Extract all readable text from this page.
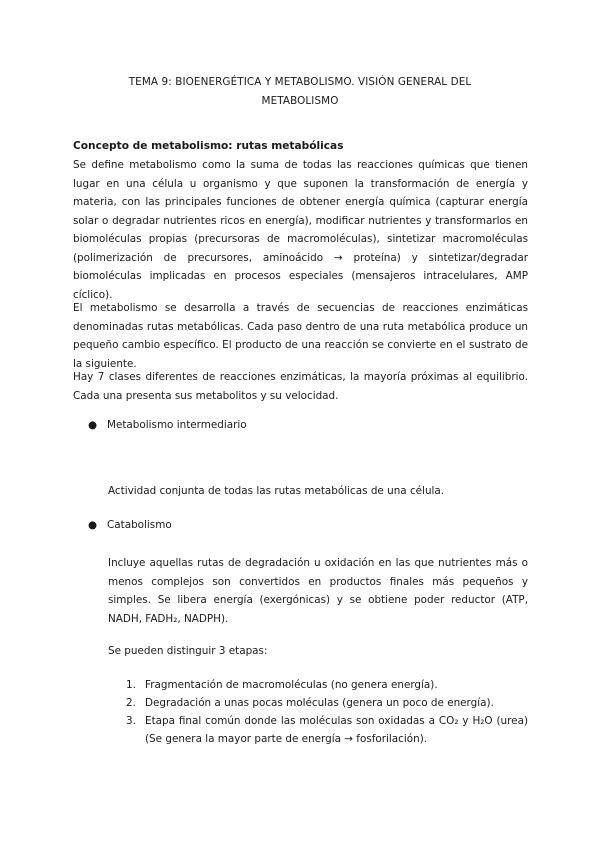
TEMA 9: BIOENERGÉTICA Y METABOLISMO. VISIÓN GENERAL DEL
METABOLISMO
Concepto de metabolismo: rutas metabólicas
Se define metabolismo como la suma de todas las reacciones químicas que tienen lugar en una célula u organismo y que suponen la transformación de energía y materia, con las principales funciones de obtener energía química (capturar energía solar o degradar nutrientes ricos en energía), modificar nutrientes y transformarlos en biomoléculas propias (precursoras de macromoléculas), sintetizar macromoléculas (polimerización de precursores, aminoácido → proteína) y sintetizar/degradar biomoléculas implicadas en procesos especiales (mensajeros intracelulares, AMP cíclico).
El metabolismo se desarrolla a través de secuencias de reacciones enzimáticas denominadas rutas metabólicas. Cada paso dentro de una ruta metabólica produce un pequeño cambio específico. El producto de una reacción se convierte en el sustrato de la siguiente.
Hay 7 clases diferentes de reacciones enzimáticas, la mayoría próximas al equilibrio. Cada una presenta sus metabolitos y su velocidad.
● Metabolismo intermediario
Actividad conjunta de todas las rutas metabólicas de una célula.
● Catabolismo
Incluye aquellas rutas de degradación u oxidación en las que nutrientes más o menos complejos son convertidos en productos finales más pequeños y simples. Se libera energía (exergónicas) y se obtiene poder reductor (ATP, NADH, FADH₂, NADPH).
Se pueden distinguir 3 etapas:
1. Fragmentación de macromoléculas (no genera energía).
2. Degradación a unas pocas moléculas (genera un poco de energía).
3. Etapa final común donde las moléculas son oxidadas a CO₂ y H₂O (urea) (Se genera la mayor parte de energía → fosforilación).
